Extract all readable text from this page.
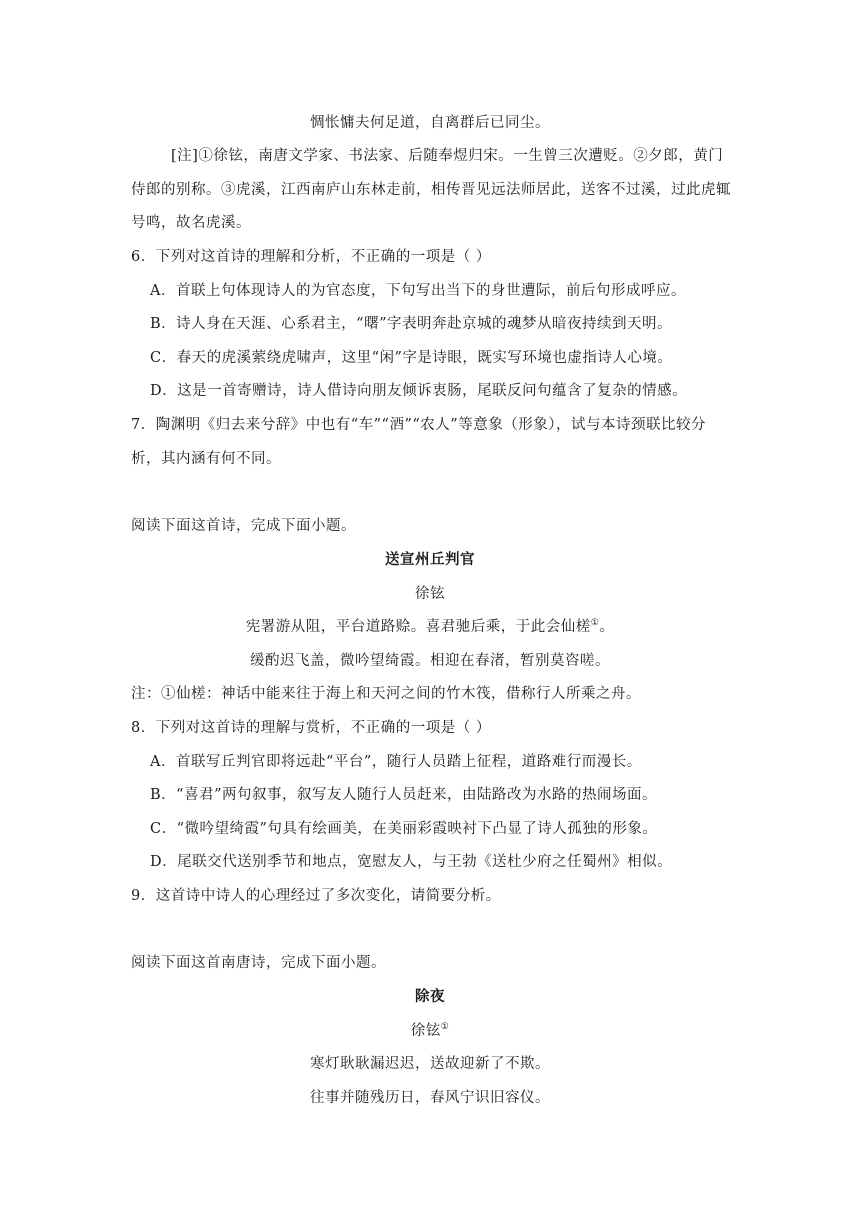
惆怅慵夫何足道，自离群后已同尘。
[注]①徐铉，南唐文学家、书法家、后随奉煜归宋。一生曾三次遭贬。②夕郎，黄门
侍郎的别称。③虎溪，江西南庐山东林走前，相传晋见远法师居此，送客不过溪，过此虎辄
号鸣，故名虎溪。
6．下列对这首诗的理解和分析，不正确的一项是（ ）
A．首联上句体现诗人的为官态度，下句写出当下的身世遭际，前后句形成呼应。
B．诗人身在天涯、心系君主，“曙”字表明奔赴京城的魂梦从暗夜持续到天明。
C．春天的虎溪萦绕虎啸声，这里“闲”字是诗眼，既实写环境也虚指诗人心境。
D．这是一首寄赠诗，诗人借诗向朋友倾诉衷肠，尾联反问句蕴含了复杂的情感。
7．陶渊明《归去来兮辞》中也有“车”“酒”“农人”等意象（形象），试与本诗颈联比较分
析，其内涵有何不同。
阅读下面这首诗，完成下面小题。
送宣州丘判官
徐铉
宪署游从阻，平台道路赊。喜君驰后乘，于此会仙槎①。
缓酌迟飞盖，微吟望绮霞。相迎在春渚，暂别莫咨嗟。
注：①仙槎：神话中能来往于海上和天河之间的竹木筏，借称行人所乘之舟。
8．下列对这首诗的理解与赏析，不正确的一项是（ ）
A．首联写丘判官即将远赴“平台”，随行人员踏上征程，道路难行而漫长。
B．“喜君”两句叙事，叙写友人随行人员赶来，由陆路改为水路的热闹场面。
C．“微吟望绮霞”句具有绘画美，在美丽彩霞映衬下凸显了诗人孤独的形象。
D．尾联交代送别季节和地点，宽慰友人，与王勃《送杜少府之任蜀州》相似。
9．这首诗中诗人的心理经过了多次变化，请简要分析。
阅读下面这首南唐诗，完成下面小题。
除夜
徐铉①
寒灯耿耿漏迟迟，送故迎新了不欺。
往事并随残历日，春风宁识旧容仪。
